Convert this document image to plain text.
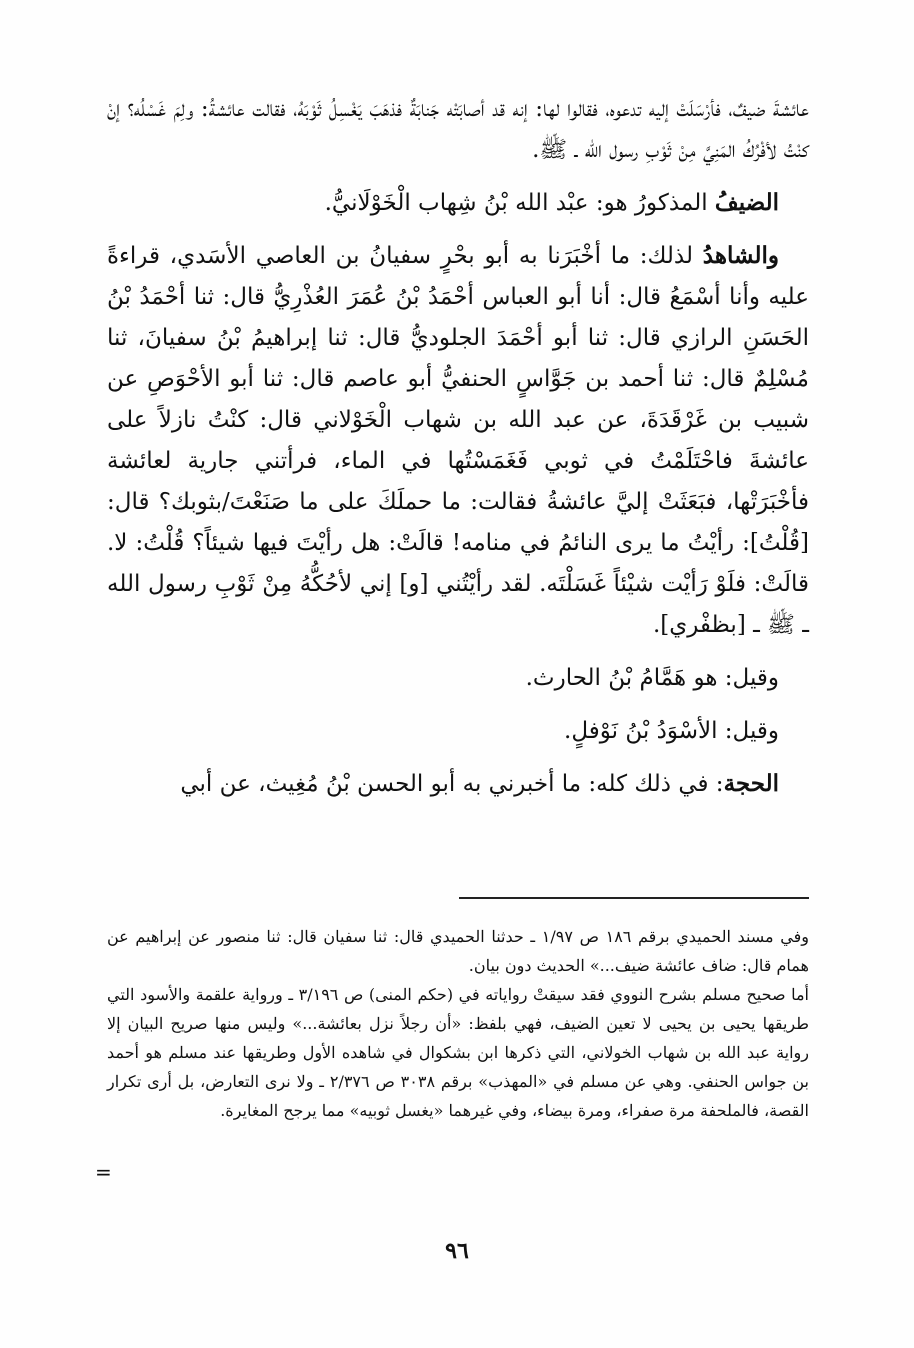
عائشةَ ضيفٌ، فأرْسَلَتْ إليه تدعوه، فقالوا لها: إنه قد أصابَتْه جَنابَةٌ فذهَبَ يَغْسِلُ ثَوْبَهُ، فقالت عائشةُ: ولِمَ غَسْلُه؟ إنْ كنْتُ لأفْرُكُ المَنِيَّ مِنْ ثَوْبِ رسول الله ـ ﷺ.

الضيفُ المذكورُ هو: عبْد الله بْنُ شِهاب الْخَوْلَانيُّ.

والشاهدُ لذلك: ما أخْبَرَنا به أبو بحْرٍ سفيانُ بن العاصي الأسَدي، قراءةً عليه وأنا أسْمَعُ قال: أنا أبو العباس أحْمَدُ بْنُ عُمَرَ العُذْرِيُّ قال: ثنا أحْمَدُ بْنُ الحَسَنِ الرازي قال: ثنا أبو أحْمَدَ الجلوديُّ قال: ثنا إبراهيمُ بْنُ سفيانَ، ثنا مُسْلِمٌ قال: ثنا أحمد بن جَوَّاسٍ الحنفيُّ أبو عاصم قال: ثنا أبو الأحْوَصِ عن شبيب بن غَرْقَدَةَ، عن عبد الله بن شهاب الْخَوْلاني قال: كنْتُ نازلاً على عائشةَ فاحْتَلَمْتُ في ثوبي فَغَمَسْتُها في الماء، فرأتني جارية لعائشة فأخْبَرَتْها، فبَعَثَتْ إليَّ عائشةُ فقالت: ما حملَكَ على ما صَنَعْتَ/بثوبك؟ قال: [قُلْتُ]: رأيْتُ ما يرى النائمُ في منامه! قالَتْ: هل رأيْتَ فيها شيئاً؟ قُلْتُ: لا. قالَتْ: فلَوْ رَأيْت شيْئاً غَسَلْتَه. لقد رأيْتُني [و] إني لأحُكُّهُ مِنْ ثَوْبِ رسول الله ـ ﷺ ـ [بظفْري].

وقيل: هو هَمَّامُ بْنُ الحارث.

وقيل: الأسْوَدُ بْنُ نَوْفلٍ.

الحجة: في ذلك كله: ما أخبرني به أبو الحسن بْنُ مُغِيث، عن أبي

وفي مسند الحميدي برقم ١٨٦ ص ١/٩٧ ـ حدثنا الحميدي قال: ثنا سفيان قال: ثنا منصور عن إبراهيم عن همام قال: ضاف عائشة ضيف...» الحديث دون بيان.

أما صحيح مسلم بشرح النووي فقد سيقتْ رواياته في (حكم المنى) ص ٣/١٩٦ ـ ورواية علقمة والأسود التي طريقها يحيى بن يحيى لا تعين الضيف، فهي بلفظ: «أن رجلاً نزل بعائشة...» وليس منها صريح البيان إلا رواية عبد الله بن شهاب الخولاني، التي ذكرها ابن بشكوال في شاهده الأول وطريقها عند مسلم هو أحمد بن جواس الحنفي. وهي عن مسلم في «المهذب» برقم ٣٠٣٨ ص ٢/٣٧٦ ـ ولا نرى التعارض، بل أرى تكرار القصة، فالملحفة مرة صفراء، ومرة بيضاء، وفي غيرهما «يغسل ثوبيه» مما يرجح المغايرة.

=
٩٦
